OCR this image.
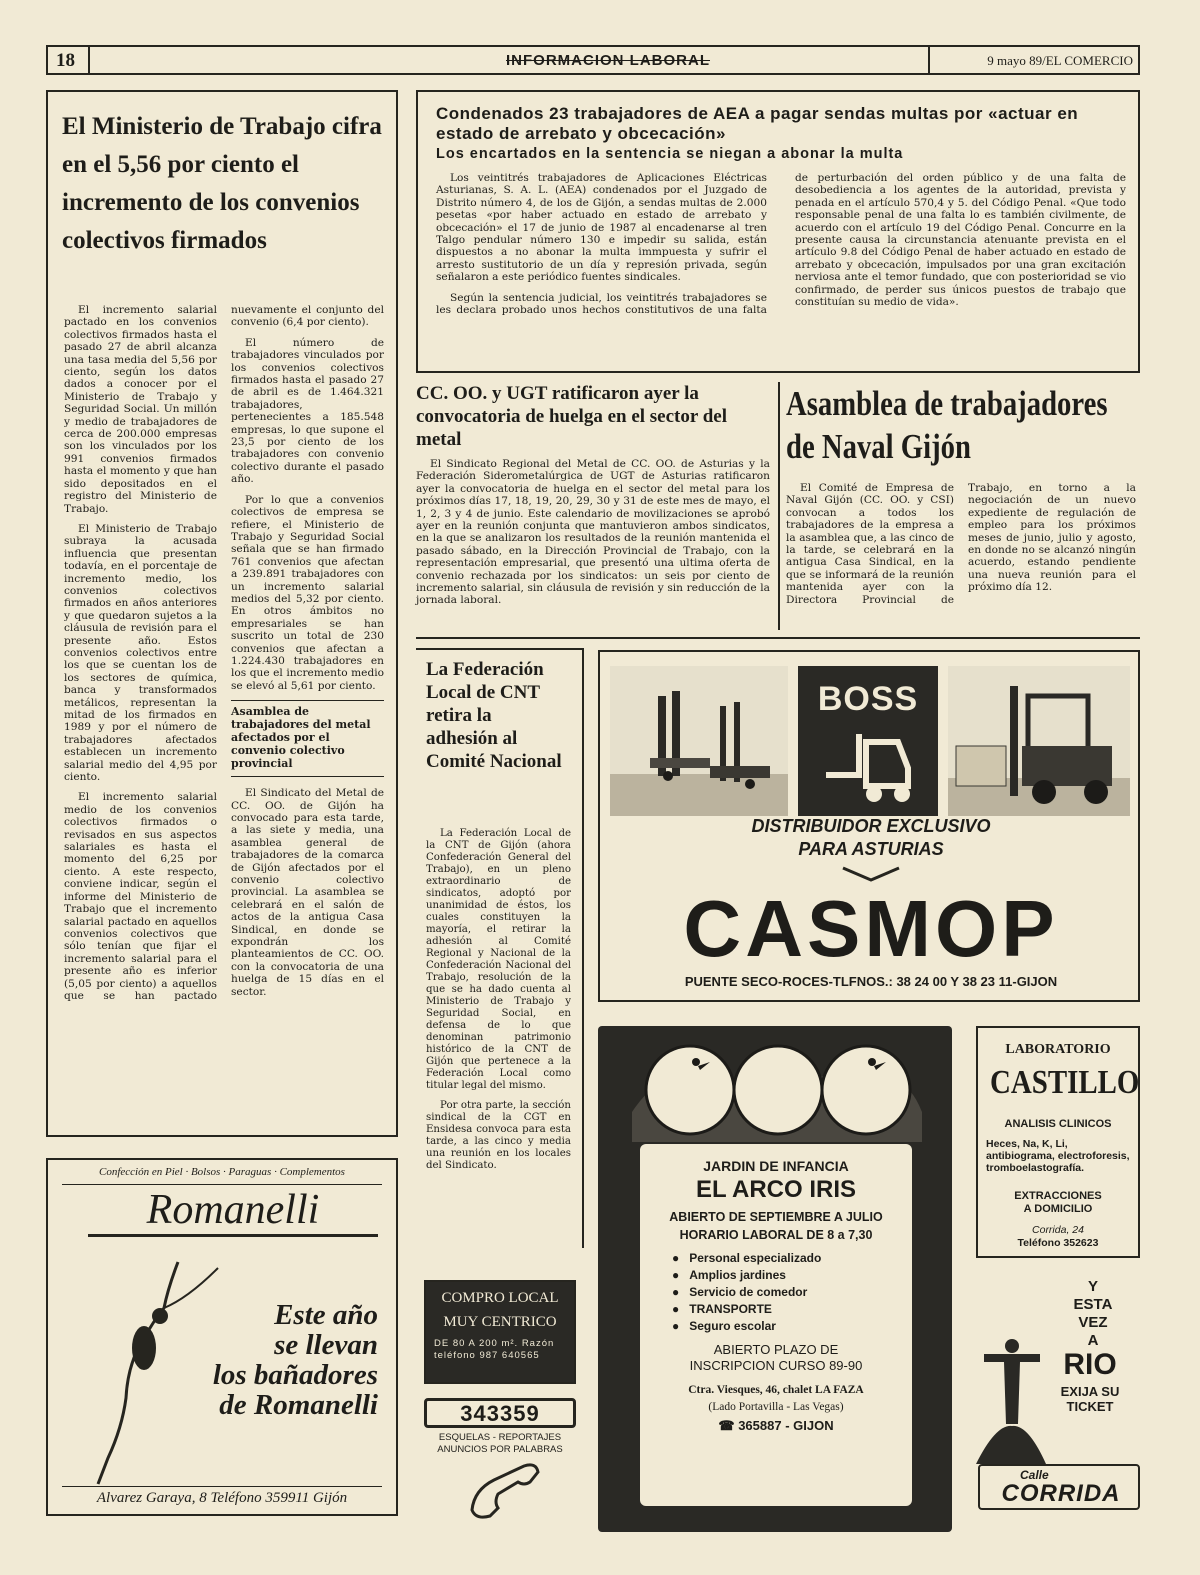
18	INFORMACION LABORAL	9 mayo 89/EL COMERCIO
El Ministerio de Trabajo cifra en el 5,56 por ciento el incremento de los convenios colectivos firmados

El incremento salarial pactado en los convenios colectivos firmados hasta el pasado 27 de abril alcanza una tasa media del 5,56 por ciento, según los datos dados a conocer por el Ministerio de Trabajo y Seguridad Social. Un millón y medio de trabajadores de cerca de 200.000 empresas son los vinculados por los 991 convenios firmados hasta el momento y que han sido depositados en el registro del Ministerio de Trabajo.

El Ministerio de Trabajo subraya la acusada influencia que presentan todavía, en el porcentaje de incremento medio, los convenios colectivos firmados en años anteriores y que quedaron sujetos a la cláusula de revisión para el presente año. Estos convenios colectivos entre los que se cuentan los de los sectores de química, banca y transformados metálicos, representan la mitad de los firmados en 1989 y por el número de trabajadores afectados establecen un incremento salarial medio del 4,95 por ciento.

El incremento salarial medio de los convenios colectivos firmados o revisados en sus aspectos salariales es hasta el momento del 6,25 por ciento. A este respecto, conviene indicar, según el informe del Ministerio de Trabajo que el incremento salarial pactado en aquellos convenios colectivos que sólo tenían que fijar el incremento salarial para el presente año es inferior (5,05 por ciento) a aquellos que se han pactado nuevamente el conjunto del convenio (6,4 por ciento).

El número de trabajadores vinculados por los convenios colectivos firmados hasta el pasado 27 de abril es de 1.464.321 trabajadores, pertenecientes a 185.548 empresas, lo que supone el 23,5 por ciento de los trabajadores con convenio colectivo durante el pasado año.

Por lo que a convenios colectivos de empresa se refiere, el Ministerio de Trabajo y Seguridad Social señala que se han firmado 761 convenios que afectan a 239.891 trabajadores con un incremento salarial medios del 5,32 por ciento. En otros ámbitos no empresariales se han suscrito un total de 230 convenios que afectan a 1.224.430 trabajadores en los que el incremento medio se elevó al 5,61 por ciento.

Asamblea de trabajadores del metal afectados por el convenio colectivo provincial

El Sindicato del Metal de CC. OO. de Gijón ha convocado para esta tarde, a las siete y media, una asamblea general de trabajadores de la comarca de Gijón afectados por el convenio colectivo provincial. La asamblea se celebrará en el salón de actos de la antigua Casa Sindical, en donde se expondrán los planteamientos de CC. OO. con la convocatoria de una huelga de 15 días en el sector.

Condenados 23 trabajadores de AEA a pagar sendas multas por «actuar en estado de arrebato y obcecación»
Los encartados en la sentencia se niegan a abonar la multa

Los veintitrés trabajadores de Aplicaciones Eléctricas Asturianas, S. A. L. (AEA) condenados por el Juzgado de Distrito número 4, de los de Gijón, a sendas multas de 2.000 pesetas «por haber actuado en estado de arrebato y obcecación» el 17 de junio de 1987 al encadenarse al tren Talgo pendular número 130 e impedir su salida, están dispuestos a no abonar la multa immpuesta y sufrir el arresto sustitutorio de un día y represión privada, según señalaron a este periódico fuentes sindicales.

Según la sentencia judicial, los veintitrés trabajadores se les declara probado unos hechos constitutivos de una falta de perturbación del orden público y de una falta de desobediencia a los agentes de la autoridad, prevista y penada en el artículo 570,4 y 5. del Código Penal. «Que todo responsable penal de una falta lo es también civilmente, de acuerdo con el artículo 19 del Código Penal. Concurre en la presente causa la circunstancia atenuante prevista en el artículo 9.8 del Código Penal de haber actuado en estado de arrebato y obcecación, impulsados por una gran excitación nerviosa ante el temor fundado, que con posterioridad se vio confirmado, de perder sus únicos puestos de trabajo que constituían su medio de vida».

CC. OO. y UGT ratificaron ayer la convocatoria de huelga en el sector del metal
El Sindicato Regional del Metal de CC. OO. de Asturias y la Federación Siderometalúrgica de UGT de Asturias ratificaron ayer la convocatoria de huelga en el sector del metal para los próximos días 17, 18, 19, 20, 29, 30 y 31 de este mes de mayo, el 1, 2, 3 y 4 de junio. Este calendario de movilizaciones se aprobó ayer en la reunión conjunta que mantuvieron ambos sindicatos, en la que se analizaron los resultados de la reunión mantenida el pasado sábado, en la Dirección Provincial de Trabajo, con la representación empresarial, que presentó una ultima oferta de convenio rechazada por los sindicatos: un seis por ciento de incremento salarial, sin cláusula de revisión y sin reducción de la jornada laboral.
Asamblea de trabajadores de Naval Gijón
El Comité de Empresa de Naval Gijón (CC. OO. y CSI) convocan a todos los trabajadores de la empresa a la asamblea que, a las cinco de la tarde, se celebrará en la antigua Casa Sindical, en la que se informará de la reunión mantenida ayer con la Directora Provincial de Trabajo, en torno a la negociación de un nuevo expediente de regulación de empleo para los próximos meses de junio, julio y agosto, en donde no se alcanzó ningún acuerdo, estando pendiente una nueva reunión para el próximo día 12.
La Federación Local de CNT retira la adhesión al Comité Nacional

La Federación Local de la CNT de Gijón (ahora Confederación General del Trabajo), en un pleno extraordinario de sindicatos, adoptó por unanimidad de éstos, los cuales constituyen la mayoría, el retirar la adhesión al Comité Regional y Nacional de la Confederación Nacional del Trabajo, resolución de la que se ha dado cuenta al Ministerio de Trabajo y Seguridad Social, en defensa de lo que denominan patrimonio histórico de la CNT de Gijón que pertenece a la Federación Local como titular legal del mismo.

Por otra parte, la sección sindical de la CGT en Ensidesa convoca para esta tarde, a las cinco y media una reunión en los locales del Sindicato.

BOSS
DISTRIBUIDOR EXCLUSIVO
PARA ASTURIAS
CASMOP
PUENTE SECO-ROCES-TLFNOS.: 38 24 00 Y 38 23 11-GIJON
JARDIN DE INFANCIA
EL ARCO IRIS
ABIERTO DE SEPTIEMBRE A JULIO
HORARIO LABORAL DE 8 a 7,30
●   Personal especializado
●   Amplios jardines
●   Servicio de comedor
●   TRANSPORTE
●   Seguro escolar
ABIERTO PLAZO DE
INSCRIPCION CURSO 89-90
Ctra. Viesques, 46, chalet LA FAZA
(Lado Portavilla - Las Vegas)
☎ 365887 - GIJON
LABORATORIO
CASTILLO
ANALISIS CLINICOS
Heces, Na, K, Li, antibiograma, electroforesis, tromboelastografía.
EXTRACCIONES
A DOMICILIO
Corrida, 24
Teléfono 352623
Y
ESTA
VEZ
A
RIO
EXIJA SU
TICKET
Calle
CORRIDA
Confección en Piel · Bolsos · Paraguas · Complementos
Romanelli
Este año
se llevan
los bañadores
de Romanelli
Alvarez Garaya, 8 Teléfono 359911 Gijón
COMPRO LOCAL
MUY CENTRICO
DE 80 A 200 m². Razón teléfono 987 640565
343359
ESQUELAS - REPORTAJES
ANUNCIOS POR PALABRAS
